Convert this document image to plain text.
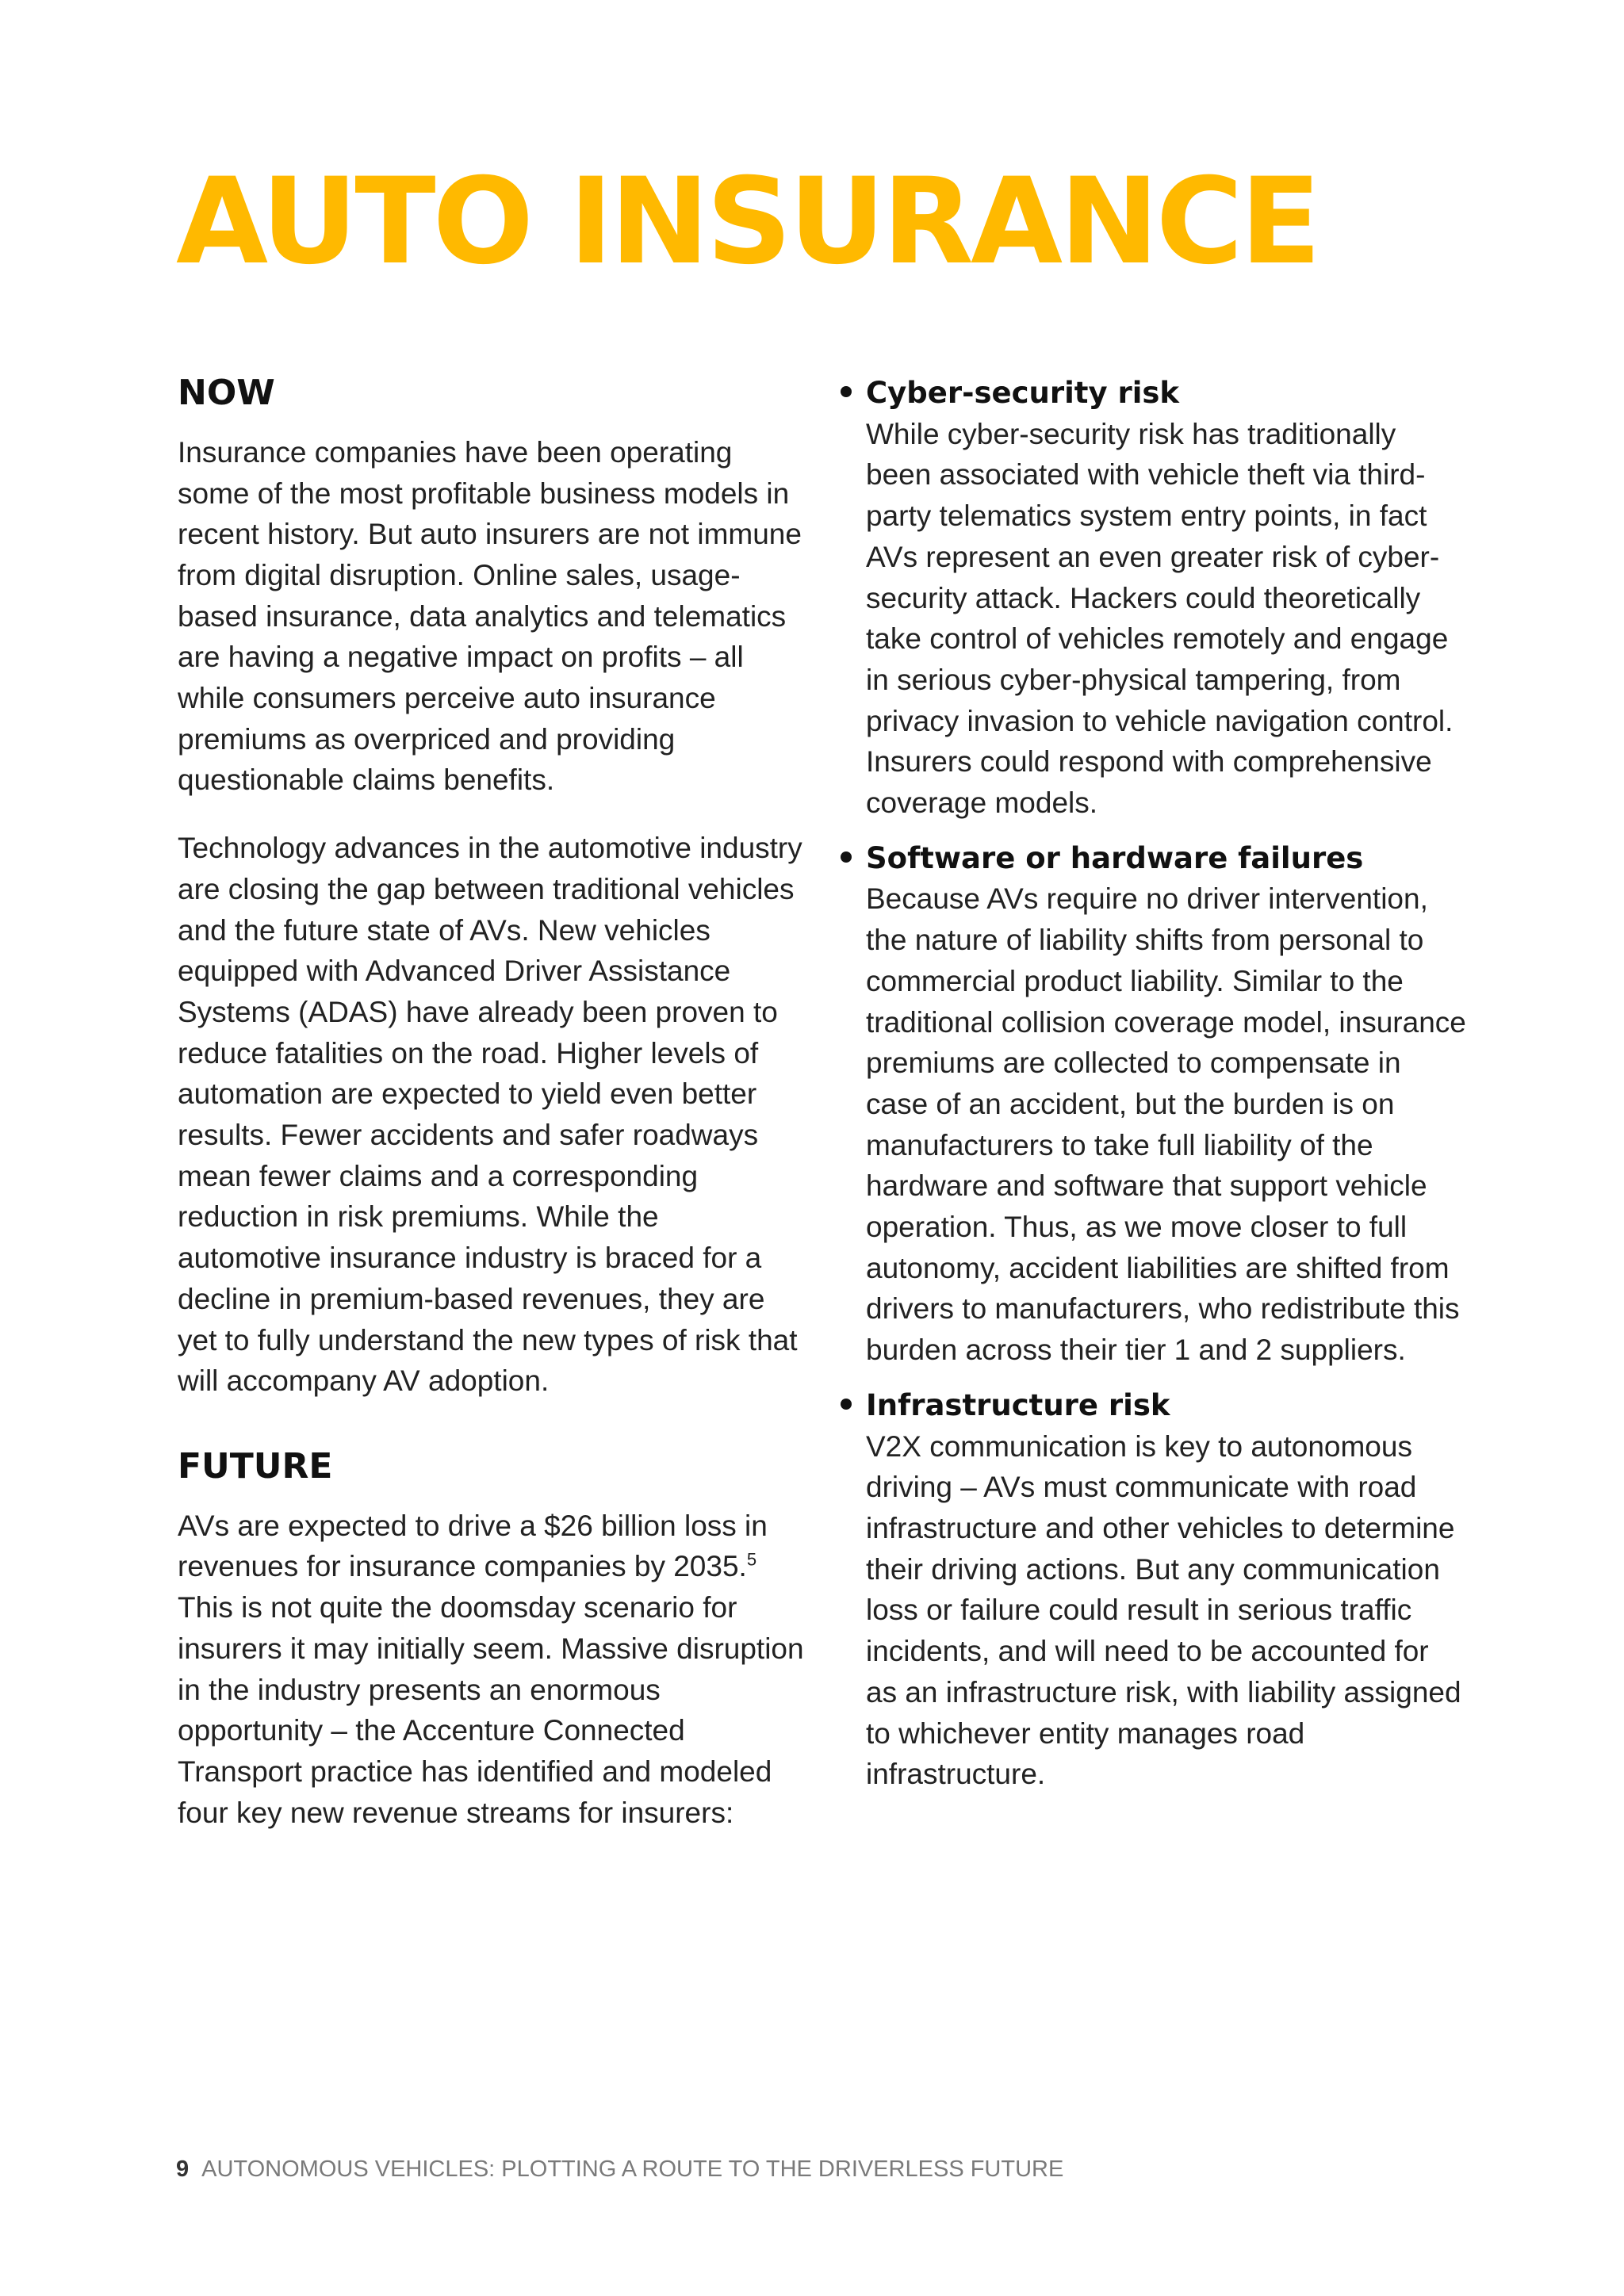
AUTO INSURANCE
NOW

Insurance companies have been operating some of the most profitable business models in recent history. But auto insurers are not immune from digital disruption. Online sales, usage-based insurance, data analytics and telematics are having a negative impact on profits – all while consumers perceive auto insurance premiums as overpriced and providing questionable claims benefits.

Technology advances in the automotive industry are closing the gap between traditional vehicles and the future state of AVs. New vehicles equipped with Advanced Driver Assistance Systems (ADAS) have already been proven to reduce fatalities on the road. Higher levels of automation are expected to yield even better results. Fewer accidents and safer roadways mean fewer claims and a corresponding reduction in risk premiums. While the automotive insurance industry is braced for a decline in premium-based revenues, they are yet to fully understand the new types of risk that will accompany AV adoption.

FUTURE

AVs are expected to drive a $26 billion loss in revenues for insurance companies by 2035.$^5$ This is not quite the doomsday scenario for insurers it may initially seem. Massive disruption in the industry presents an enormous opportunity – the Accenture Connected Transport practice has identified and modeled four key new revenue streams for insurers:

Cyber-security risk

While cyber-security risk has traditionally been associated with vehicle theft via third-party telematics system entry points, in fact AVs represent an even greater risk of cyber-security attack. Hackers could theoretically take control of vehicles remotely and engage in serious cyber-physical tampering, from privacy invasion to vehicle navigation control. Insurers could respond with comprehensive coverage models.

Software or hardware failures

Because AVs require no driver intervention, the nature of liability shifts from personal to commercial product liability. Similar to the traditional collision coverage model, insurance premiums are collected to compensate in case of an accident, but the burden is on manufacturers to take full liability of the hardware and software that support vehicle operation. Thus, as we move closer to full autonomy, accident liabilities are shifted from drivers to manufacturers, who redistribute this burden across their tier 1 and 2 suppliers.

Infrastructure risk

V2X communication is key to autonomous driving – AVs must communicate with road infrastructure and other vehicles to determine their driving actions. But any communication loss or failure could result in serious traffic incidents, and will need to be accounted for as an infrastructure risk, with liability assigned to whichever entity manages road infrastructure.

9 AUTONOMOUS VEHICLES: PLOTTING A ROUTE TO THE DRIVERLESS FUTURE
